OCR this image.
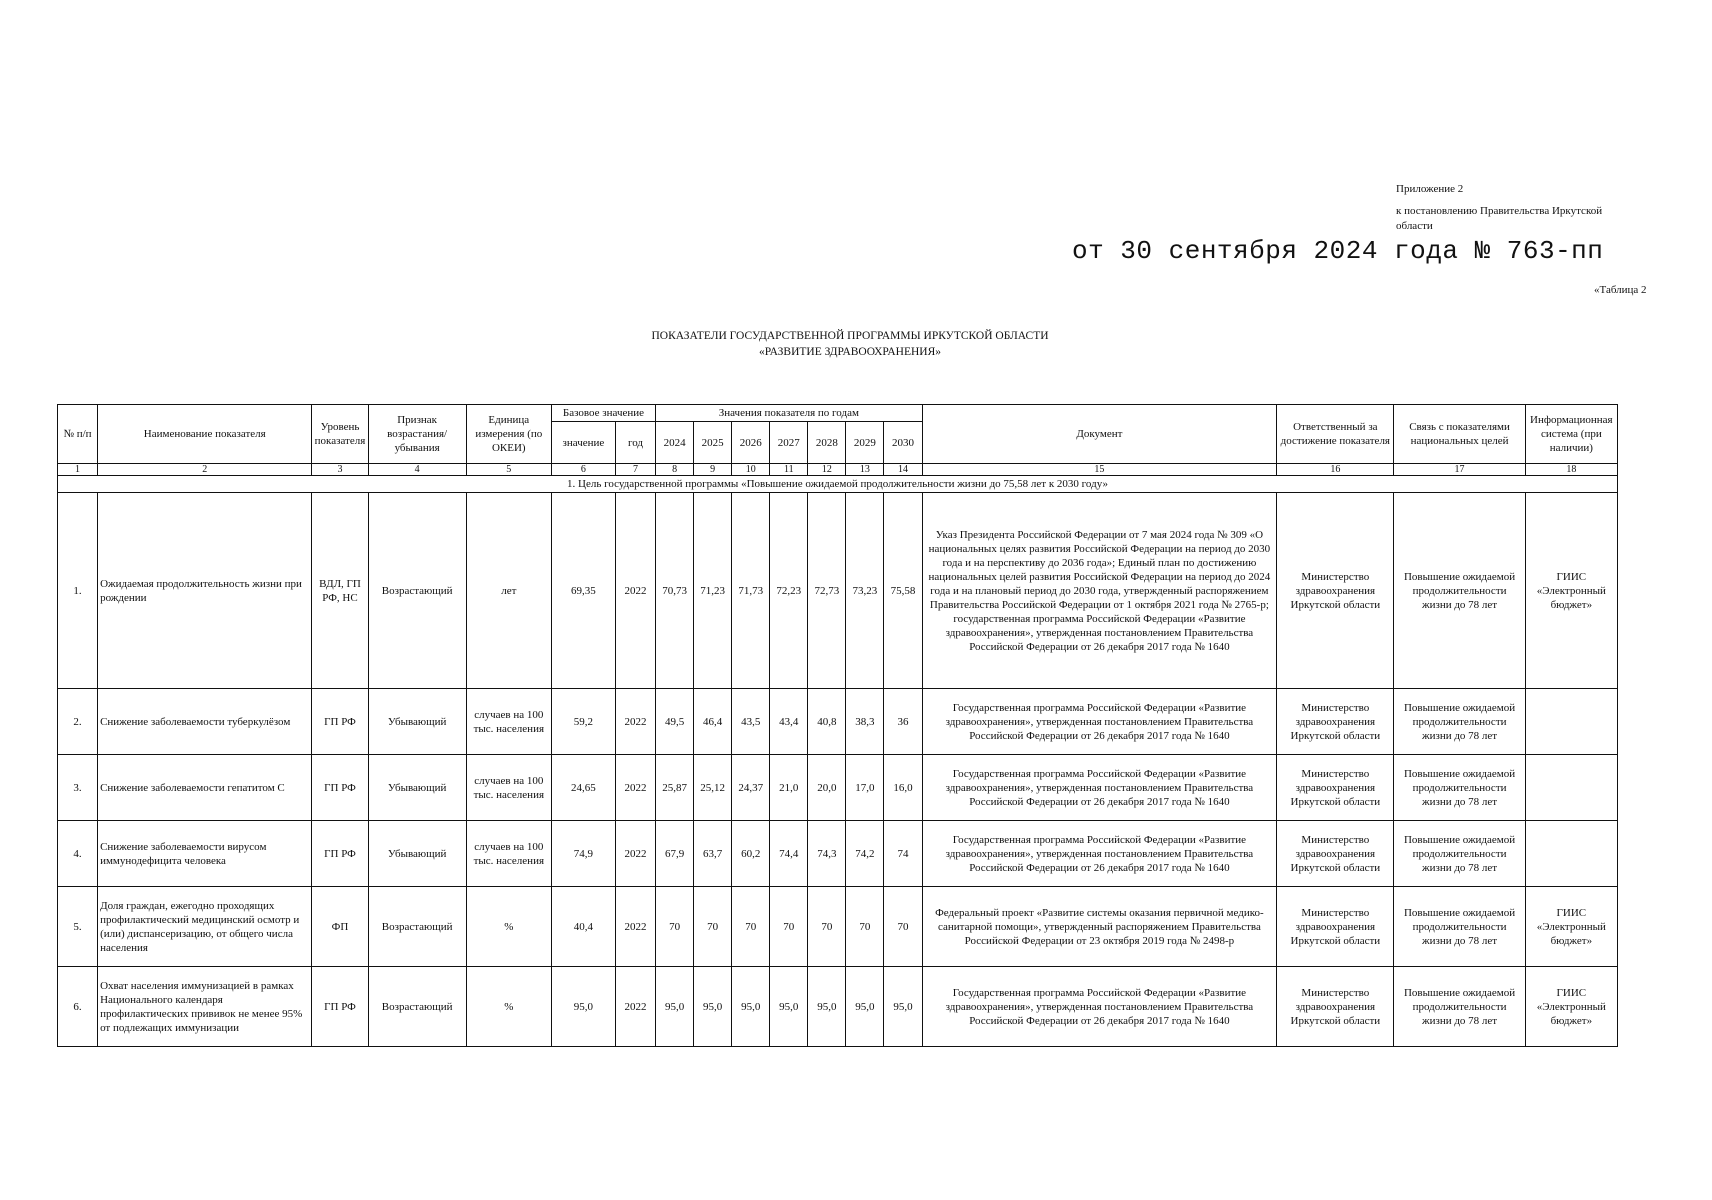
Приложение 2
к постановлению Правительства Иркутской области
от 30 сентября 2024 года № 763-пп
«Таблица 2
ПОКАЗАТЕЛИ ГОСУДАРСТВЕННОЙ ПРОГРАММЫ ИРКУТСКОЙ ОБЛАСТИ
«РАЗВИТИЕ ЗДРАВООХРАНЕНИЯ»
№ п/п	Наименование показателя	Уровень показателя	Признак возрастания/ убывания	Единица измерения (по ОКЕИ)	Базовое значение		Значения показателя по годам							Документ	Ответственный за достижение показателя	Связь с показателями национальных целей	Информационная система (при наличии)
					значение	год	2024	2025	2026	2027	2028	2029	2030				
1	2	3	4	5	6	7	8	9	10	11	12	13	14	15	16	17	18
1. Цель государственной программы «Повышение ожидаемой продолжительности жизни до 75,58 лет к 2030 году»																	
1.	Ожидаемая продолжительность жизни при рождении	ВДЛ, ГП РФ, НС	Возрастающий	лет	69,35	2022	70,73	71,23	71,73	72,23	72,73	73,23	75,58	Указ Президента Российской Федерации от 7 мая 2024 года № 309 «О национальных целях развития Российской Федерации на период до 2030 года и на перспективу до 2036 года»; Единый план по достижению национальных целей развития Российской Федерации на период до 2024 года и на плановый период до 2030 года, утвержденный распоряжением Правительства Российской Федерации от 1 октября 2021 года № 2765-р; государственная программа Российской Федерации «Развитие здравоохранения», утвержденная постановлением Правительства Российской Федерации от 26 декабря 2017 года № 1640	Министерство здравоохранения Иркутской области	Повышение ожидаемой продолжительности жизни до 78 лет	ГИИС «Электронный бюджет»
2.	Снижение заболеваемости туберкулёзом	ГП РФ	Убывающий	случаев на 100 тыс. населения	59,2	2022	49,5	46,4	43,5	43,4	40,8	38,3	36	Государственная программа Российской Федерации «Развитие здравоохранения», утвержденная постановлением Правительства Российской Федерации от 26 декабря 2017 года № 1640	Министерство здравоохранения Иркутской области	Повышение ожидаемой продолжительности жизни до 78 лет	
3.	Снижение заболеваемости гепатитом С	ГП РФ	Убывающий	случаев на 100 тыс. населения	24,65	2022	25,87	25,12	24,37	21,0	20,0	17,0	16,0	Государственная программа Российской Федерации «Развитие здравоохранения», утвержденная постановлением Правительства Российской Федерации от 26 декабря 2017 года № 1640	Министерство здравоохранения Иркутской области	Повышение ожидаемой продолжительности жизни до 78 лет	
4.	Снижение заболеваемости вирусом иммунодефицита человека	ГП РФ	Убывающий	случаев на 100 тыс. населения	74,9	2022	67,9	63,7	60,2	74,4	74,3	74,2	74	Государственная программа Российской Федерации «Развитие здравоохранения», утвержденная постановлением Правительства Российской Федерации от 26 декабря 2017 года № 1640	Министерство здравоохранения Иркутской области	Повышение ожидаемой продолжительности жизни до 78 лет	
5.	Доля граждан, ежегодно проходящих профилактический медицинский осмотр и (или) диспансеризацию, от общего числа населения	ФП	Возрастающий	%	40,4	2022	70	70	70	70	70	70	70	Федеральный проект «Развитие системы оказания первичной медико-санитарной помощи», утвержденный распоряжением Правительства Российской Федерации от 23 октября 2019 года № 2498-р	Министерство здравоохранения Иркутской области	Повышение ожидаемой продолжительности жизни до 78 лет	ГИИС «Электронный бюджет»
6.	Охват населения иммунизацией в рамках Национального календаря профилактических прививок не менее 95% от подлежащих иммунизации	ГП РФ	Возрастающий	%	95,0	2022	95,0	95,0	95,0	95,0	95,0	95,0	95,0	Государственная программа Российской Федерации «Развитие здравоохранения», утвержденная постановлением Правительства Российской Федерации от 26 декабря 2017 года № 1640	Министерство здравоохранения Иркутской области	Повышение ожидаемой продолжительности жизни до 78 лет	ГИИС «Электронный бюджет»
